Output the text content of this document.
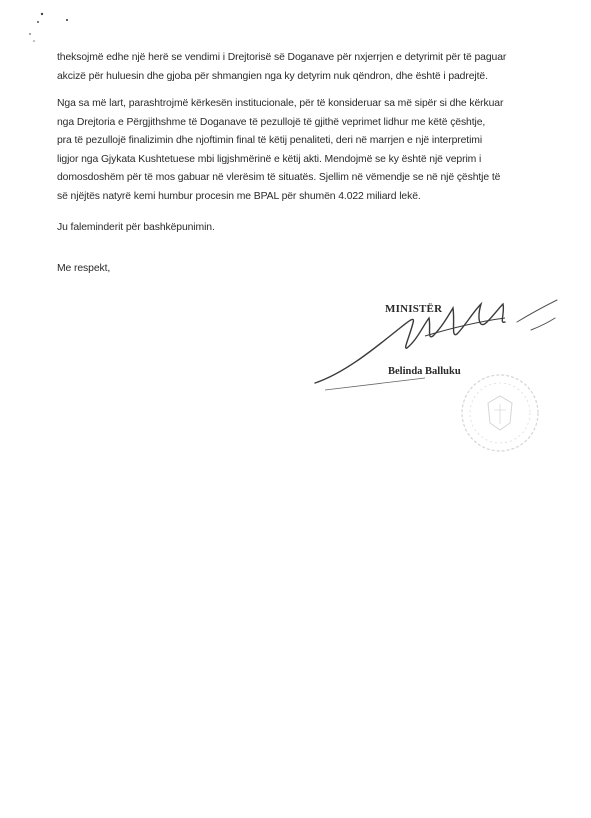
theksojmë edhe një herë se vendimi i Drejtorisë së Doganave për nxjerrjen e detyrimit për të paguar

akcizë për huluesin dhe gjoba për shmangien nga ky detyrim nuk qëndron, dhe është i padrejtë.

Nga sa më lart, parashtrojmë kërkesën institucionale, për të konsideruar sa më sipër si dhe kërkuar

nga Drejtoria e Përgjithshme të Doganave të pezullojë të gjithë veprimet lidhur me këtë çështje,

pra të pezullojë finalizimin dhe njoftimin final të këtij penaliteti, deri në marrjen e një interpretimi

ligjor nga Gjykata Kushtetuese mbi ligjshmërinë e këtij akti. Mendojmë se ky është një veprim i

domosdoshëm për të mos gabuar në vlerësim të situatës. Sjellim në vëmendje se në një çështje të

së njëjtës natyrë kemi humbur procesin me BPAL për shumën 4.022 miliard lekë.

Ju faleminderit për bashkëpunimin.
Me respekt,
MINISTËR
Belinda Balluku
